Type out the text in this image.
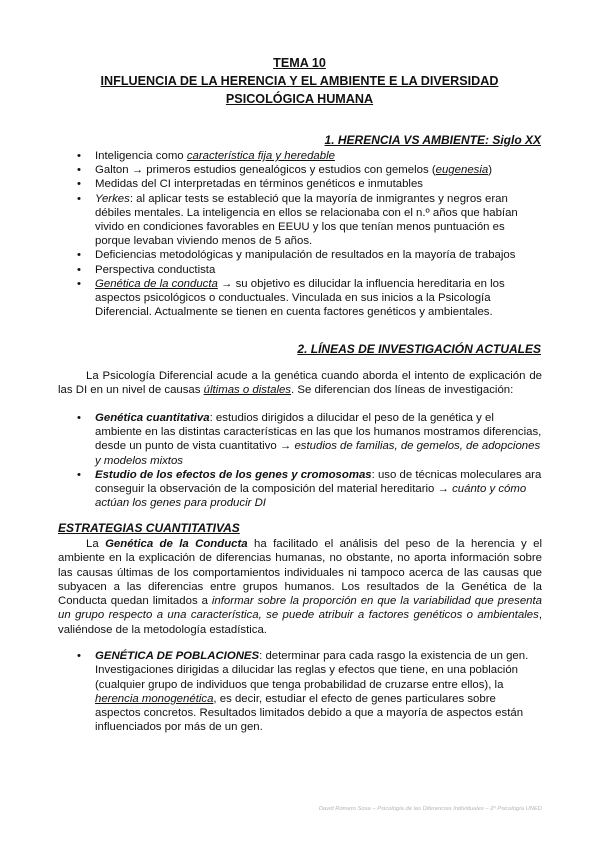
TEMA 10
INFLUENCIA DE LA HERENCIA Y EL AMBIENTE E LA DIVERSIDAD
PSICOLÓGICA HUMANA
1. HERENCIA VS AMBIENTE: Siglo XX
• Inteligencia como característica fija y heredable
• Galton → primeros estudios genealógicos y estudios con gemelos (eugenesia)
• Medidas del CI interpretadas en términos genéticos e inmutables
• Yerkes: al aplicar tests se estableció que la mayoría de inmigrantes y negros eran débiles mentales. La inteligencia en ellos se relacionaba con el n.º años que habían vivido en condiciones favorables en EEUU y los que tenían menos puntuación es porque levaban viviendo menos de 5 años.
• Deficiencias metodológicas y manipulación de resultados en la mayoría de trabajos
• Perspectiva conductista
• Genética de la conducta → su objetivo es dilucidar la influencia hereditaria en los aspectos psicológicos o conductuales. Vinculada en sus inicios a la Psicología Diferencial. Actualmente se tienen en cuenta factores genéticos y ambientales.
2. LÍNEAS DE INVESTIGACIÓN ACTUALES
La Psicología Diferencial acude a la genética cuando aborda el intento de explicación de las DI en un nivel de causas últimas o distales. Se diferencian dos líneas de investigación:
• Genética cuantitativa: estudios dirigidos a dilucidar el peso de la genética y el ambiente en las distintas características en las que los humanos mostramos diferencias, desde un punto de vista cuantitativo → estudios de familias, de gemelos, de adopciones y modelos mixtos
• Estudio de los efectos de los genes y cromosomas: uso de técnicas moleculares ara conseguir la observación de la composición del material hereditario → cuánto y cómo actúan los genes para producir DI
ESTRATEGIAS CUANTITATIVAS
La Genética de la Conducta ha facilitado el análisis del peso de la herencia y el ambiente en la explicación de diferencias humanas, no obstante, no aporta información sobre las causas últimas de los comportamientos individuales ni tampoco acerca de las causas que subyacen a las diferencias entre grupos humanos. Los resultados de la Genética de la Conducta quedan limitados a informar sobre la proporción en que la variabilidad que presenta un grupo respecto a una característica, se puede atribuir a factores genéticos o ambientales, valiéndose de la metodología estadística.
• GENÉTICA DE POBLACIONES: determinar para cada rasgo la existencia de un gen. Investigaciones dirigidas a dilucidar las reglas y efectos que tiene, en una población (cualquier grupo de individuos que tenga probabilidad de cruzarse entre ellos), la herencia monogenética, es decir, estudiar el efecto de genes particulares sobre aspectos concretos. Resultados limitados debido a que a mayoría de aspectos están influenciados por más de un gen.
David Romero Sosa – Psicología de las Diferencias Individuales – 2º Psicología UNED
